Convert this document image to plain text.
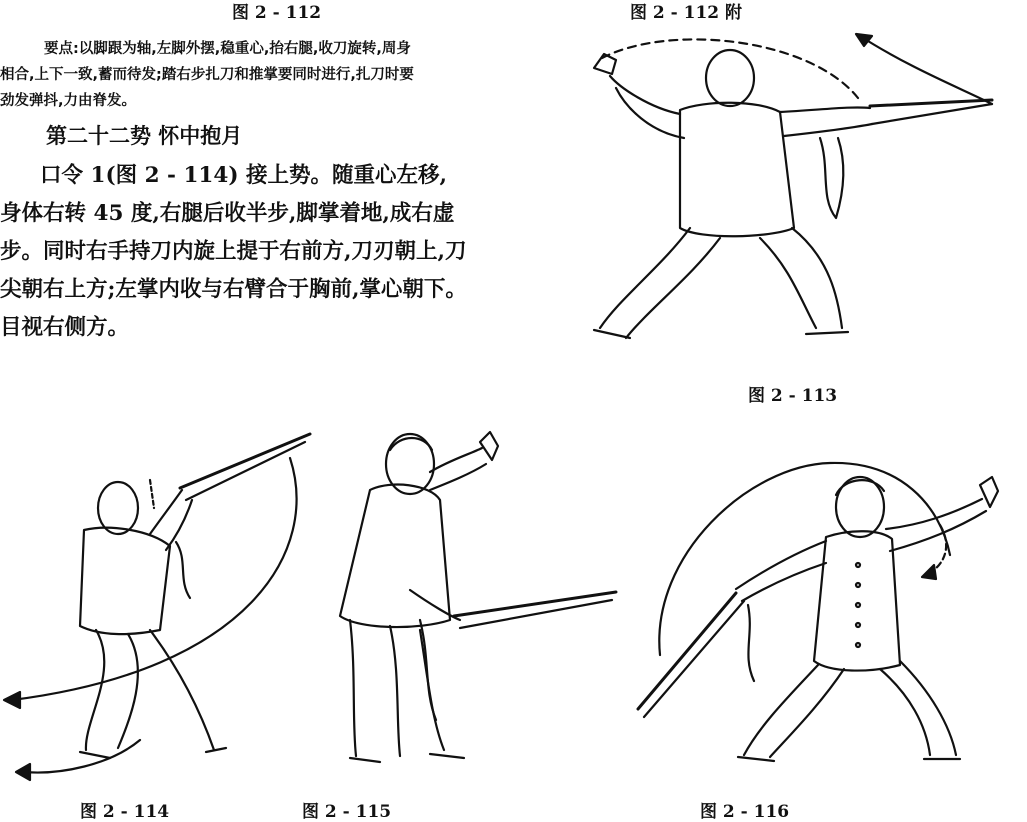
图 2 - 112	图 2 - 112 附
要点:以脚跟为轴,左脚外摆,稳重心,抬右腿,收刀旋转,周身
相合,上下一致,蓄而待发;踏右步扎刀和推掌要同时进行,扎刀时要
劲发弹抖,力由脊发。
第二十二势 怀中抱月
口令 1(图 2 - 114) 接上势。随重心左移,
身体右转 45 度,右腿后收半步,脚掌着地,成右虚
步。同时右手持刀内旋上提于右前方,刀刃朝上,刀
尖朝右上方;左掌内收与右臂合于胸前,掌心朝下。
目视右侧方。
图 2 - 113
图 2 - 114	图 2 - 115	图 2 - 116
